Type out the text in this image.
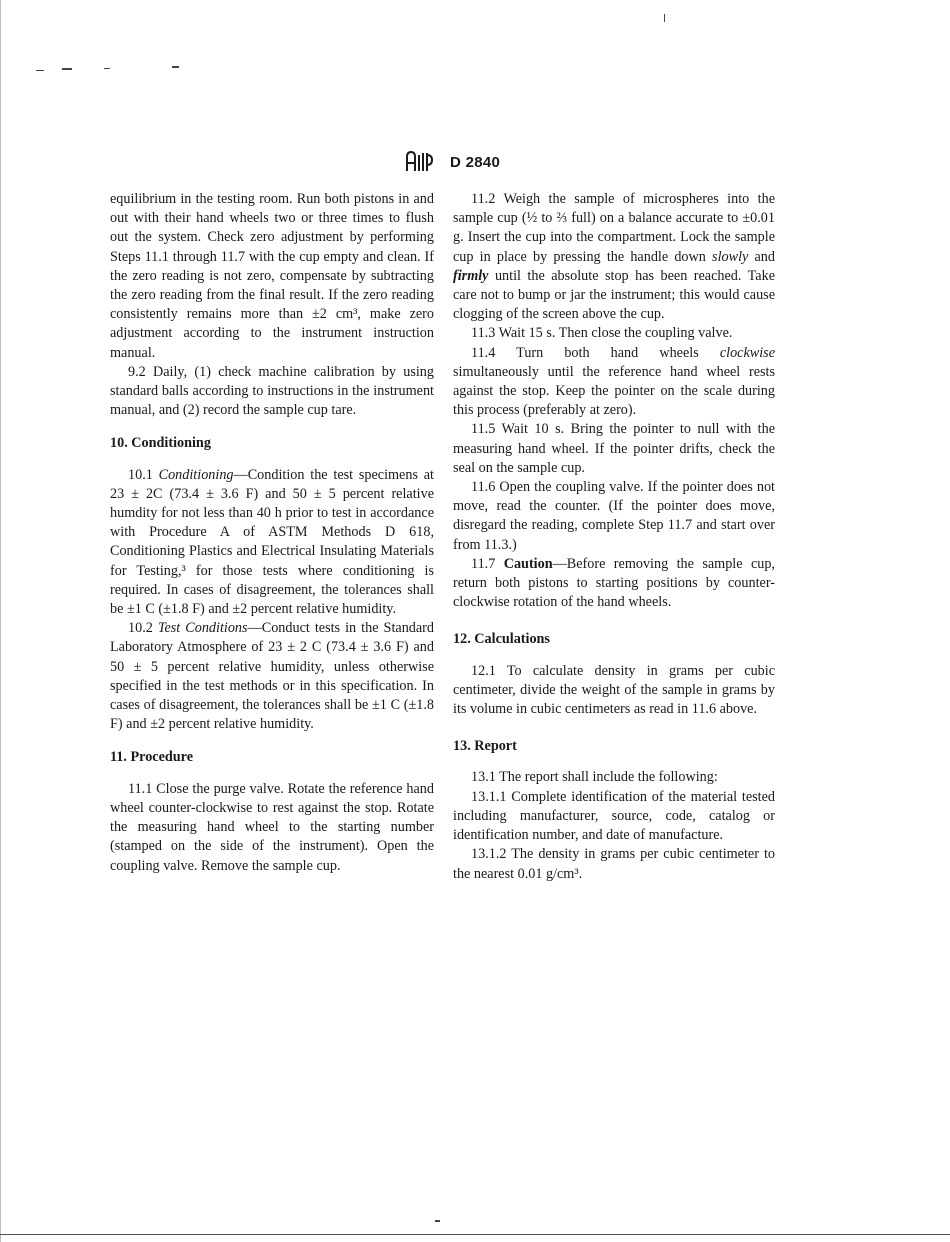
D 2840

equilibrium in the testing room. Run both pistons in and out with their hand wheels two or three times to flush out the system. Check zero adjustment by performing Steps 11.1 through 11.7 with the cup empty and clean. If the zero reading is not zero, compensate by subtracting the zero reading from the final result. If the zero reading consistently remains more than ±2 cm³, make zero adjustment according to the instrument instruction manual.

9.2 Daily, (1) check machine calibration by using standard balls according to instructions in the instrument manual, and (2) record the sample cup tare.

10. Conditioning

10.1 Conditioning—Condition the test specimens at 23 ± 2C (73.4 ± 3.6 F) and 50 ± 5 percent relative humdity for not less than 40 h prior to test in accordance with Procedure A of ASTM Methods D 618, Conditioning Plastics and Electrical Insulating Materials for Testing,³ for those tests where conditioning is required. In cases of disagreement, the tolerances shall be ±1 C (±1.8 F) and ±2 percent relative humidity.

10.2 Test Conditions—Conduct tests in the Standard Laboratory Atmosphere of 23 ± 2 C (73.4 ± 3.6 F) and 50 ± 5 percent relative humidity, unless otherwise specified in the test methods or in this specification. In cases of disagreement, the tolerances shall be ±1 C (±1.8 F) and ±2 percent relative humidity.

11. Procedure

11.1 Close the purge valve. Rotate the reference hand wheel counter-clockwise to rest against the stop. Rotate the measuring hand wheel to the starting number (stamped on the side of the instrument). Open the coupling valve. Remove the sample cup.

11.2 Weigh the sample of microspheres into the sample cup (½ to ⅔ full) on a balance accurate to ±0.01 g. Insert the cup into the compartment. Lock the sample cup in place by pressing the handle down slowly and firmly until the absolute stop has been reached. Take care not to bump or jar the instrument; this would cause clogging of the screen above the cup.

11.3 Wait 15 s. Then close the coupling valve.

11.4 Turn both hand wheels clockwise simultaneously until the reference hand wheel rests against the stop. Keep the pointer on the scale during this process (preferably at zero).

11.5 Wait 10 s. Bring the pointer to null with the measuring hand wheel. If the pointer drifts, check the seal on the sample cup.

11.6 Open the coupling valve. If the pointer does not move, read the counter. (If the pointer does move, disregard the reading, complete Step 11.7 and start over from 11.3.)

11.7 Caution—Before removing the sample cup, return both pistons to starting positions by counter-clockwise rotation of the hand wheels.

12. Calculations

12.1 To calculate density in grams per cubic centimeter, divide the weight of the sample in grams by its volume in cubic centimeters as read in 11.6 above.

13. Report

13.1 The report shall include the following:

13.1.1 Complete identification of the material tested including manufacturer, source, code, catalog or identification number, and date of manufacture.

13.1.2 The density in grams per cubic centimeter to the nearest 0.01 g/cm³.
